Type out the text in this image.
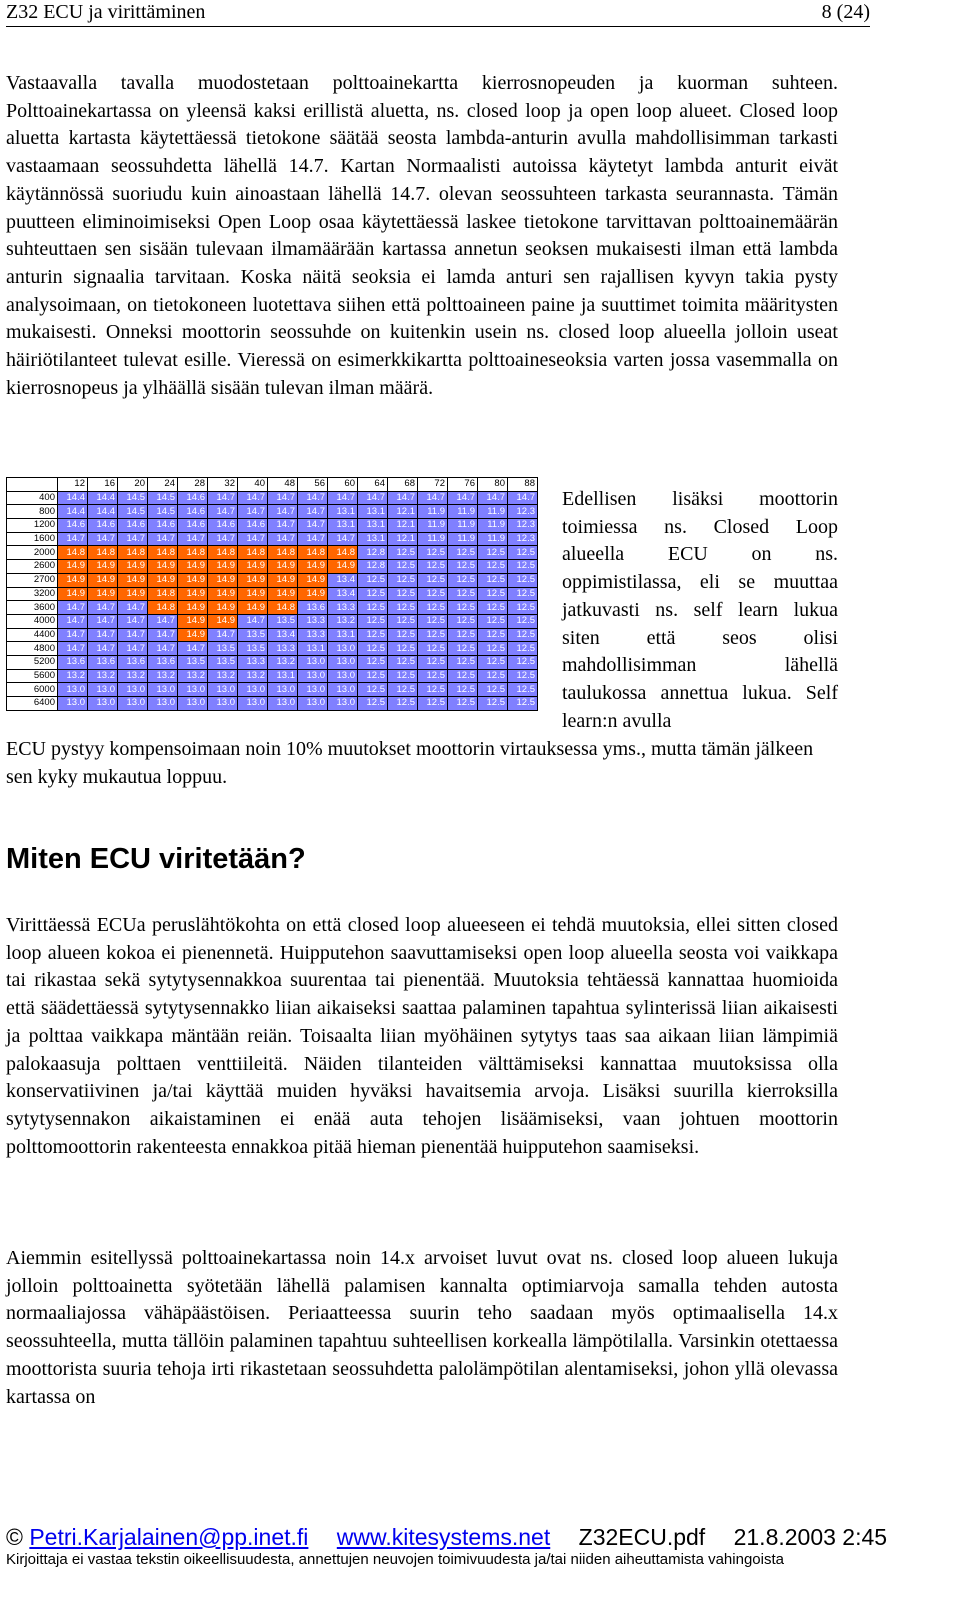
Z32 ECU ja virittäminen	8 (24)

Vastaavalla tavalla muodostetaan polttoainekartta kierrosnopeuden ja kuorman suhteen. Polttoainekartassa on yleensä kaksi erillistä aluetta, ns. closed loop ja open loop alueet. Closed loop aluetta kartasta käytettäessä tietokone säätää seosta lambda-anturin avulla mahdollisimman tarkasti vastaamaan seossuhdetta lähellä 14.7. Kartan Normaalisti autoissa käytetyt lambda anturit eivät käytännössä suoriudu kuin ainoastaan lähellä 14.7. olevan seossuhteen tarkasta seurannasta. Tämän puutteen eliminoimiseksi Open Loop osaa käytettäessä laskee tietokone tarvittavan polttoainemäärän suhteuttaen sen sisään tulevaan ilmamäärään kartassa annetun seoksen mukaisesti ilman että lambda anturin signaalia tarvitaan. Koska näitä seoksia ei lamda anturi sen rajallisen kyvyn takia pysty analysoimaan, on tietokoneen luotettava siihen että polttoaineen paine ja suuttimet toimita määritysten mukaisesti. Onneksi moottorin seossuhde on kuitenkin usein ns. closed loop alueella jolloin useat häiriötilanteet tulevat esille. Vieressä on esimerkkikartta polttoaineseoksia varten jossa vasemmalla on kierrosnopeus ja ylhäällä sisään tulevan ilman määrä.

	12	16	20	24	28	32	40	48	56	60	64	68	72	76	80	88
400	14.4	14.4	14.5	14.5	14.6	14.7	14.7	14.7	14.7	14.7	14.7	14.7	14.7	14.7	14.7	14.7
800	14.4	14.4	14.5	14.5	14.6	14.7	14.7	14.7	14.7	13.1	13.1	12.1	11.9	11.9	11.9	12.3
1200	14.6	14.6	14.6	14.6	14.6	14.6	14.6	14.7	14.7	13.1	13.1	12.1	11.9	11.9	11.9	12.3
1600	14.7	14.7	14.7	14.7	14.7	14.7	14.7	14.7	14.7	14.7	13.1	12.1	11.9	11.9	11.9	12.3
2000	14.8	14.8	14.8	14.8	14.8	14.8	14.8	14.8	14.8	14.8	12.8	12.5	12.5	12.5	12.5	12.5
2600	14.9	14.9	14.9	14.9	14.9	14.9	14.9	14.9	14.9	14.9	12.8	12.5	12.5	12.5	12.5	12.5
2700	14.9	14.9	14.9	14.9	14.9	14.9	14.9	14.9	14.9	13.4	12.5	12.5	12.5	12.5	12.5	12.5
3200	14.9	14.9	14.9	14.8	14.9	14.9	14.9	14.9	14.9	13.4	12.5	12.5	12.5	12.5	12.5	12.5
3600	14.7	14.7	14.7	14.8	14.9	14.9	14.9	14.8	13.6	13.3	12.5	12.5	12.5	12.5	12.5	12.5
4000	14.7	14.7	14.7	14.7	14.9	14.9	14.7	13.5	13.3	13.2	12.5	12.5	12.5	12.5	12.5	12.5
4400	14.7	14.7	14.7	14.7	14.9	14.7	13.5	13.4	13.3	13.1	12.5	12.5	12.5	12.5	12.5	12.5
4800	14.7	14.7	14.7	14.7	14.7	13.5	13.5	13.3	13.1	13.0	12.5	12.5	12.5	12.5	12.5	12.5
5200	13.6	13.6	13.6	13.6	13.5	13.5	13.3	13.2	13.0	13.0	12.5	12.5	12.5	12.5	12.5	12.5
5600	13.2	13.2	13.2	13.2	13.2	13.2	13.2	13.1	13.0	13.0	12.5	12.5	12.5	12.5	12.5	12.5
6000	13.0	13.0	13.0	13.0	13.0	13.0	13.0	13.0	13.0	13.0	12.5	12.5	12.5	12.5	12.5	12.5
6400	13.0	13.0	13.0	13.0	13.0	13.0	13.0	13.0	13.0	13.0	12.5	12.5	12.5	12.5	12.5	12.5

Edellisen lisäksi moottorin toimiessa ns. Closed Loop alueella ECU on ns. oppimistilassa, eli se muuttaa jatkuvasti ns. self learn lukua siten että seos olisi mahdollisimman lähellä taulukossa annettua lukua. Self learn:n avulla

ECU pystyy kompensoimaan noin 10% muutokset moottorin virtauksessa yms., mutta tämän jälkeen sen kyky mukautua loppuu.

Miten ECU viritetään?

Virittäessä ECUa peruslähtökohta on että closed loop alueeseen ei tehdä muutoksia, ellei sitten closed loop alueen kokoa ei pienennetä. Huipputehon saavuttamiseksi open loop alueella seosta voi vaikkapa tai rikastaa sekä sytytysennakkoa suurentaa tai pienentää. Muutoksia tehtäessä kannattaa huomioida että säädettäessä sytytysennakko liian aikaiseksi saattaa palaminen tapahtua sylinterissä liian aikaisesti ja polttaa vaikkapa mäntään reiän. Toisaalta liian myöhäinen sytytys taas saa aikaan liian lämpimiä palokaasuja polttaen venttiileitä. Näiden tilanteiden välttämiseksi kannattaa muutoksissa olla konservatiivinen ja/tai käyttää muiden hyväksi havaitsemia arvoja. Lisäksi suurilla kierroksilla sytytysennakon aikaistaminen ei enää auta tehojen lisäämiseksi, vaan johtuen moottorin polttomoottorin rakenteesta ennakkoa pitää hieman pienentää huipputehon saamiseksi.

Aiemmin esitellyssä polttoainekartassa noin 14.x arvoiset luvut ovat ns. closed loop alueen lukuja jolloin polttoainetta syötetään lähellä palamisen kannalta optimiarvoja samalla tehden autosta normaaliajossa vähäpäästöisen. Periaatteessa suurin teho saadaan myös optimaalisella 14.x seossuhteella, mutta tällöin palaminen tapahtuu suhteellisen korkealla lämpötilalla. Varsinkin otettaessa moottorista suuria tehoja irti rikastetaan seossuhdetta palolämpötilan alentamiseksi, johon yllä olevassa kartassa on

© Petri.Karjalainen@pp.inet.fi www.kitesystems.net Z32ECU.pdf 21.8.2003 2:45
Kirjoittaja ei vastaa tekstin oikeellisuudesta, annettujen neuvojen toimivuudesta ja/tai niiden aiheuttamista vahingoista
